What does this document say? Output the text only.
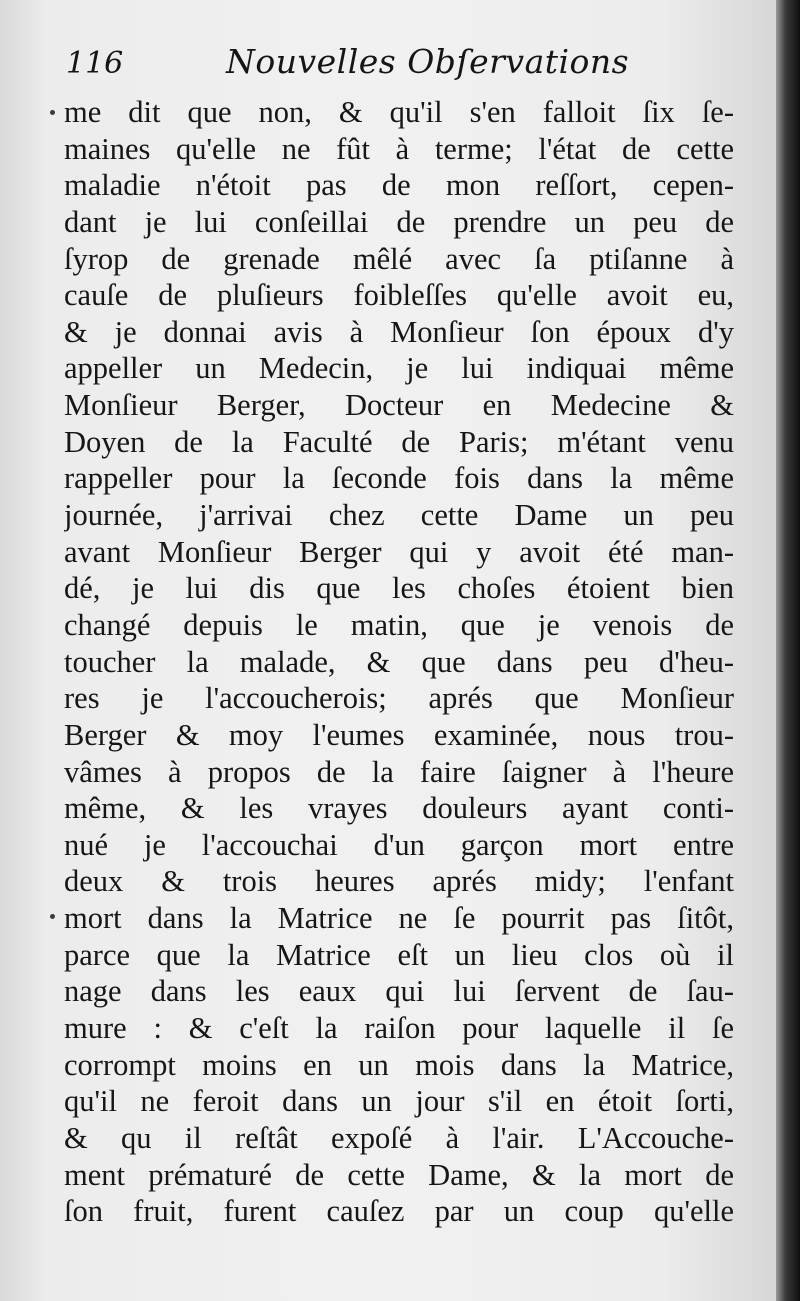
116	Nouvelles Obſervations
me dit que non, & qu'il s'en falloit ſix ſe-
maines qu'elle ne fût à terme; l'état de cette
maladie n'étoit pas de mon reſſort, cepen-
dant je lui conſeillai de prendre un peu de
ſyrop de grenade mêlé avec ſa ptiſanne à
cauſe de pluſieurs foibleſſes qu'elle avoit eu,
& je donnai avis à Monſieur ſon époux d'y
appeller un Medecin, je lui indiquai même
Monſieur Berger, Docteur en Medecine &
Doyen de la Faculté de Paris; m'étant venu
rappeller pour la ſeconde fois dans la même
journée, j'arrivai chez cette Dame un peu
avant Monſieur Berger qui y avoit été man-
dé, je lui dis que les choſes étoient bien
changé depuis le matin, que je venois de
toucher la malade, & que dans peu d'heu-
res je l'accoucherois; aprés que Monſieur
Berger & moy l'eumes examinée, nous trou-
vâmes à propos de la faire ſaigner à l'heure
même, & les vrayes douleurs ayant conti-
nué je l'accouchai d'un garçon mort entre
deux & trois heures aprés midy; l'enfant
mort dans la Matrice ne ſe pourrit pas ſitôt,
parce que la Matrice eſt un lieu clos où il
nage dans les eaux qui lui ſervent de ſau-
mure : & c'eſt la raiſon pour laquelle il ſe
corrompt moins en un mois dans la Matrice,
qu'il ne feroit dans un jour s'il en étoit ſorti,
& qu il reſtât expoſé à l'air. L'Accouche-
ment prématuré de cette Dame, & la mort de
ſon fruit, furent cauſez par un coup qu'elle
